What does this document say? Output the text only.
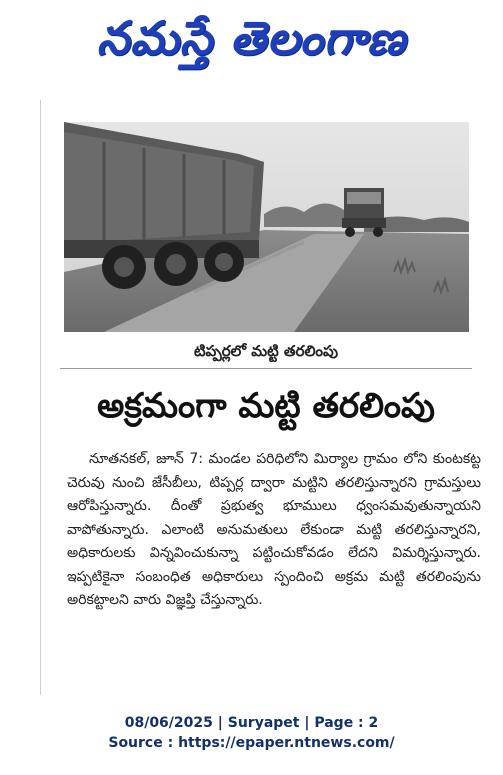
నమస్తే తెలంగాణ
టిప్పర్లలో మట్టి తరలింపు
అక్రమంగా మట్టి తరలింపు
నూతనకల్, జూన్ 7: మండల పరిధిలోని మిర్యాల గ్రామం లోని కుంటకట్ట చెరువు నుంచి జేసీబీలు, టిప్పర్ల ద్వారా మట్టిని తరలిస్తున్నారని గ్రామస్తులు ఆరోపిస్తున్నారు. దీంతో ప్రభుత్వ భూములు ధ్వంసమవుతున్నాయని వాపోతున్నారు. ఎలాంటి అనుమతులు లేకుండా మట్టి తరలిస్తున్నారని, అధికారులకు విన్నవించుకున్నా పట్టించుకోవడం లేదని విమర్శిస్తున్నారు. ఇప్పటికైనా సంబంధిత అధికారులు స్పందించి అక్రమ మట్టి తరలింపును అరికట్టాలని వారు విజ్ఞప్తి చేస్తున్నారు.
08/06/2025 | Suryapet | Page : 2
Source : https://epaper.ntnews.com/
